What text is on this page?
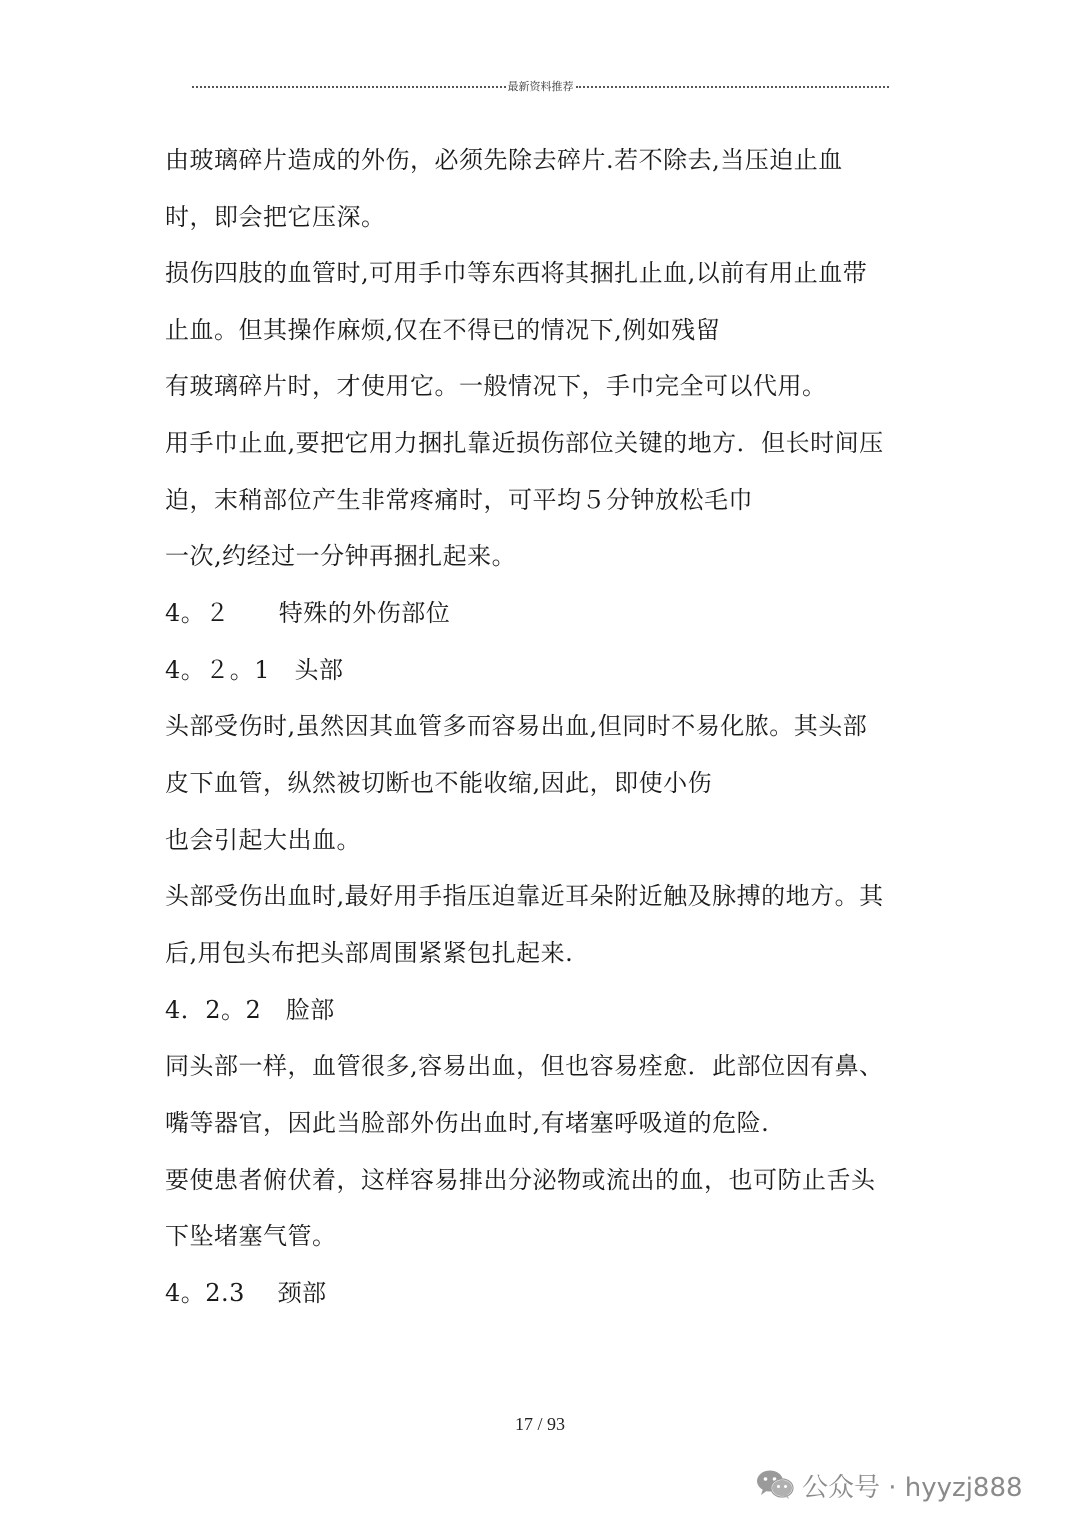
最新资料推荐
由玻璃碎片造成的外伤，必须先除去碎片.若不除去,当压迫止血
时，即会把它压深。
损伤四肢的血管时,可用手巾等东西将其捆扎止血,以前有用止血带
止血。但其操作麻烦,仅在不得已的情况下,例如残留
有玻璃碎片时，才使用它。一般情况下，手巾完全可以代用。
用手巾止血,要把它用力捆扎靠近损伤部位关键的地方．但长时间压
迫，末稍部位产生非常疼痛时，可平均５分钟放松毛巾
一次,约经过一分钟再捆扎起来。
4。２　　特殊的外伤部位
4。２。1　头部
头部受伤时,虽然因其血管多而容易出血,但同时不易化脓。其头部
皮下血管，纵然被切断也不能收缩,因此，即使小伤
也会引起大出血。
头部受伤出血时,最好用手指压迫靠近耳朵附近触及脉搏的地方。其
后,用包头布把头部周围紧紧包扎起来.
4．2。2　脸部
同头部一样，血管很多,容易出血，但也容易痊愈．此部位因有鼻、
嘴等器官，因此当脸部外伤出血时,有堵塞呼吸道的危险.
要使患者俯伏着，这样容易排出分泌物或流出的血，也可防止舌头
下坠堵塞气管。
4。2.3　 颈部
17 / 93
公众号 · hyyzj888
